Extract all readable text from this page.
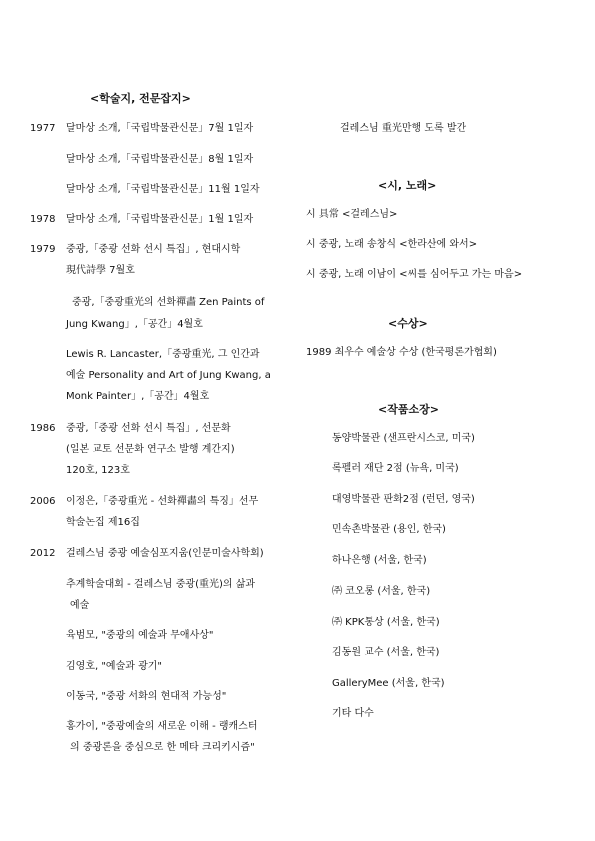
<학술지, 전문잡지>
1977 달마상 소개,「국립박물관신문」7월 1일자
달마상 소개,「국립박물관신문」8월 1일자
달마상 소개,「국립박물관신문」11월 1일자
1978 달마상 소개,「국립박물관신문」1월 1일자
1979 중광,「중광 선화 선시 특집」, 현대시학
現代詩學 7월호
중광,「중광重光의 선화禪畵 Zen Paints of
Jung Kwang」,「공간」4월호
Lewis R. Lancaster,「중광重光, 그 인간과
예술 Personality and Art of Jung Kwang, a
Monk Painter」,「공간」4월호
1986 중광,「중광 선화 선시 특집」, 선문화
(일본 교토 선문화 연구소 발행 계간지)
120호, 123호
2006 이정은,「중광重光 - 선화禪畵의 특징」선무
학술논집 제16집
2012 걸레스님 중광 예술심포지움(인문미술사학회)
추계학술대회 - 걸레스님 중광(重光)의 삶과
예술
육범모, "중광의 예술과 무애사상"
김영호, "예술과 광기"
이동국, "중광 서화의 현대적 가능성"
홍가이, "중광예술의 새로운 이해 - 랭캐스터
의 중광론을 중심으로 한 메타 크리키시즘"
걸레스님 重光만행 도록 발간
<시, 노래>
시 具常 <걸레스님>
시 중광, 노래 송창식 <한라산에 와서>
시 중광, 노래 이남이 <씨를 심어두고 가는 마음>
<수상>
1989 최우수 예술상 수상 (한국평론가협회)
<작품소장>
동양박물관 (샌프란시스코, 미국)
록펠러 재단 2점 (뉴욕, 미국)
대영박물관 판화2점 (런던, 영국)
민속촌박물관 (용인, 한국)
하나은행 (서울, 한국)
㈜ 코오롱 (서울, 한국)
㈜ KPK통상 (서울, 한국)
김동원 교수 (서울, 한국)
GalleryMee (서울, 한국)
기타 다수
